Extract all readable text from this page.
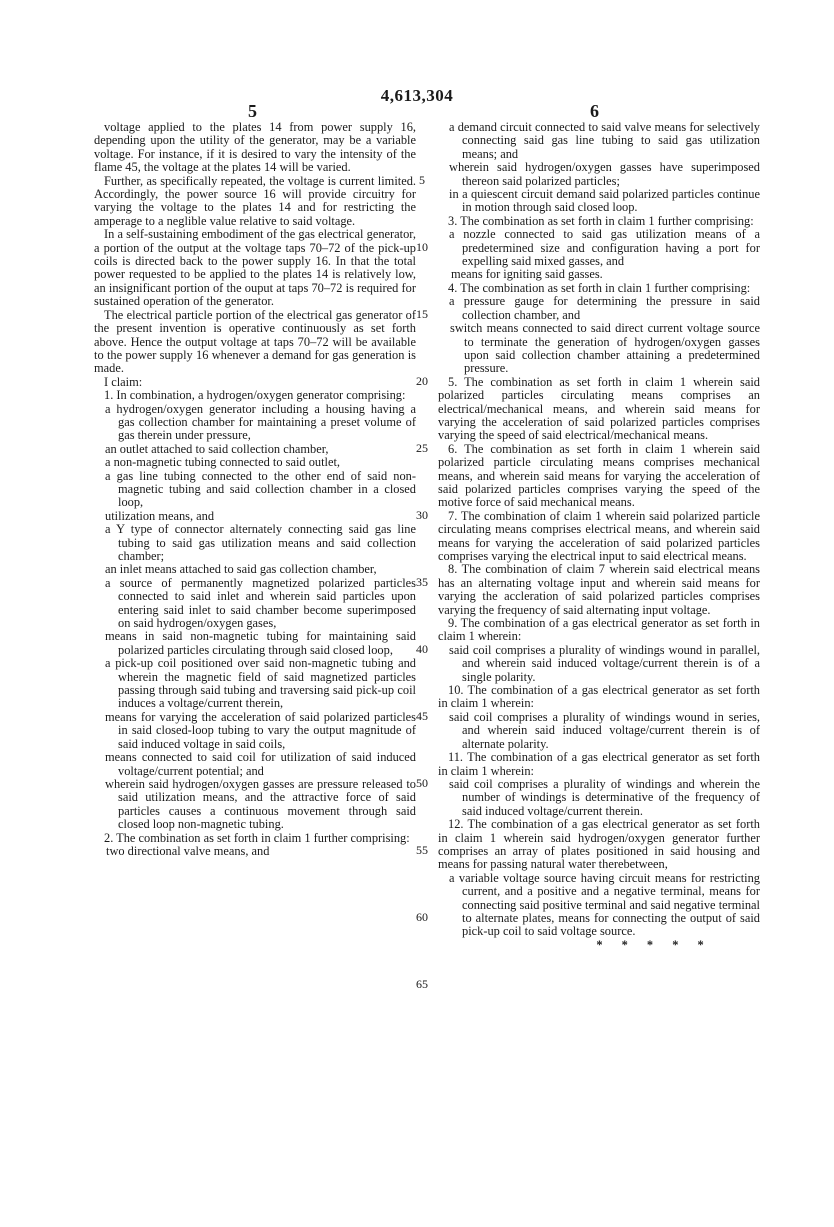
4,613,304
5	6

voltage applied to the plates 14 from power supply 16, depending upon the utility of the generator, may be a variable voltage. For instance, if it is desired to vary the intensity of the flame 45, the voltage at the plates 14 will be varied.

Further, as specifically repeated, the voltage is current limited. Accordingly, the power source 16 will provide circuitry for varying the voltage to the plates 14 and for restricting the amperage to a neglible value relative to said voltage.

In a self-sustaining embodiment of the gas electrical generator, a portion of the output at the voltage taps 70–72 of the pick-up coils is directed back to the power supply 16. In that the total power requested to be applied to the plates 14 is relatively low, an insignificant portion of the ouput at taps 70–72 is required for sustained operation of the generator.

The electrical particle portion of the electrical gas generator of the present invention is operative continuously as set forth above. Hence the output voltage at taps 70–72 will be available to the power supply 16 whenever a demand for gas generation is made.

I claim:

1. In combination, a hydrogen/oxygen generator comprising:

a hydrogen/oxygen generator including a housing having a gas collection chamber for maintaining a preset volume of gas therein under pressure,

an outlet attached to said collection chamber,

a non-magnetic tubing connected to said outlet,

a gas line tubing connected to the other end of said non-magnetic tubing and said collection chamber in a closed loop,

utilization means, and

a Y type of connector alternately connecting said gas line tubing to said gas utilization means and said collection chamber;

an inlet means attached to said gas collection chamber,

a source of permanently magnetized polarized particles connected to said inlet and wherein said particles upon entering said inlet to said chamber become superimposed on said hydrogen/oxygen gases,

means in said non-magnetic tubing for maintaining said polarized particles circulating through said closed loop,

a pick-up coil positioned over said non-magnetic tubing and wherein the magnetic field of said magnetized particles passing through said tubing and traversing said pick-up coil induces a voltage/current therein,

means for varying the acceleration of said polarized particles in said closed-loop tubing to vary the output magnitude of said induced voltage in said coils,

means connected to said coil for utilization of said induced voltage/current potential; and

wherein said hydrogen/oxygen gasses are pressure released to said utilization means, and the attractive force of said particles causes a continuous movement through said closed loop non-magnetic tubing.

2. The combination as set forth in claim 1 further comprising:

two directional valve means, and

5
10
15
20
25
30
35
40
45
50
55
60
65

a demand circuit connected to said valve means for selectively connecting said gas line tubing to said gas utilization means; and

wherein said hydrogen/oxygen gasses have superimposed thereon said polarized particles;

in a quiescent circuit demand said polarized particles continue in motion through said closed loop.

3. The combination as set forth in claim 1 further comprising:

a nozzle connected to said gas utilization means of a predetermined size and configuration having a port for expelling said mixed gasses, and

means for igniting said gasses.

4. The combination as set forth in clain 1 further comprising:

a pressure gauge for determining the pressure in said collection chamber, and

switch means connected to said direct current voltage source to terminate the generation of hydrogen/oxygen gasses upon said collection chamber attaining a predetermined pressure.

5. The combination as set forth in claim 1 wherein said polarized particles circulating means comprises an electrical/mechanical means, and wherein said means for varying the acceleration of said polarized particles comprises varying the speed of said electrical/mechanical means.

6. The combination as set forth in claim 1 wherein said polarized particle circulating means comprises mechanical means, and wherein said means for varying the acceleration of said polarized particles comprises varying the speed of the motive force of said mechanical means.

7. The combination of claim 1 wherein said polarized particle circulating means comprises electrical means, and wherein said means for varying the acceleration of said polarized particles comprises varying the electrical input to said electrical means.

8. The combination of claim 7 wherein said electrical means has an alternating voltage input and wherein said means for varying the accleration of said polarized particles comprises varying the frequency of said alternating input voltage.

9. The combination of a gas electrical generator as set forth in claim 1 wherein:

said coil comprises a plurality of windings wound in parallel, and wherein said induced voltage/current therein is of a single polarity.

10. The combination of a gas electrical generator as set forth in claim 1 wherein:

said coil comprises a plurality of windings wound in series, and wherein said induced voltage/current therein is of alternate polarity.

11. The combination of a gas electrical generator as set forth in claim 1 wherein:

said coil comprises a plurality of windings and wherein the number of windings is determinative of the frequency of said induced voltage/current therein.

12. The combination of a gas electrical generator as set forth in claim 1 wherein said hydrogen/oxygen generator further comprises an array of plates positioned in said housing and means for passing natural water therebetween,

a variable voltage source having circuit means for restricting current, and a positive and a negative terminal, means for connecting said positive terminal and said negative terminal to alternate plates, means for connecting the output of said pick-up coil to said voltage source.

* * * * *
